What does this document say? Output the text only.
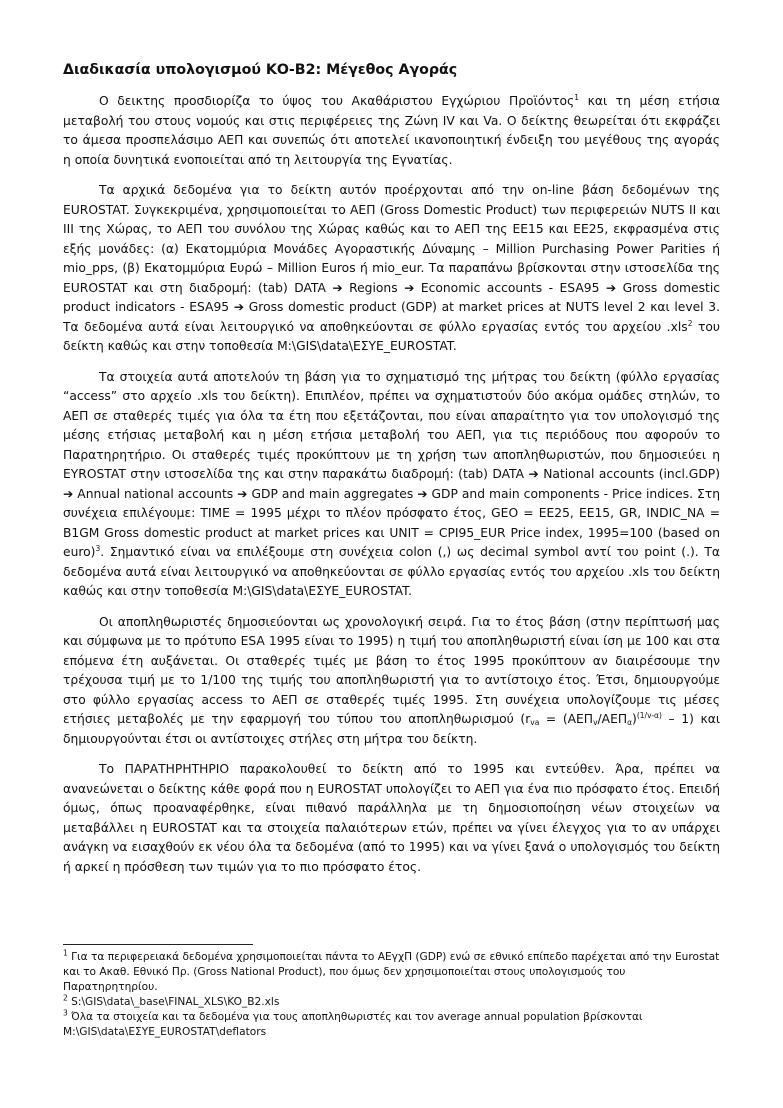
Διαδικασία υπολογισμού ΚΟ-Β2: Μέγεθος Αγοράς

Ο δεικτης προσδιορίζα το ύψος του Ακαθάριστου Εγχώριου Προϊόντος$^1$ και τη μέση ετήσια μεταβολή του στους νομούς και στις περιφέρειες της Ζώνη IV και Va. Ο δείκτης θεωρείται ότι εκφράζει το άμεσα προσπελάσιμο ΑΕΠ και συνεπώς ότι αποτελεί ικανοποιητική ένδειξη του μεγέθους της αγοράς η οποία δυνητικά ενοποιείται από τη λειτουργία της Εγνατίας.

Τα αρχικά δεδομένα για το δείκτη αυτόν προέρχονται από την on-line βάση δεδομένων της EUROSTAT. Συγκεκριμένα, χρησιμοποιείται το ΑΕΠ (Gross Domestic Product) των περιφερειών NUTS II και III της Χώρας, το ΑΕΠ του συνόλου της Χώρας καθώς και το ΑΕΠ της ΕΕ15 και ΕΕ25, εκφρασμένα στις εξής μονάδες: (α) Εκατομμύρια Μονάδες Αγοραστικής Δύναμης – Million Purchasing Power Parities ή mio_pps, (β) Εκατομμύρια Ευρώ – Million Euros ή mio_eur. Τα παραπάνω βρίσκονται στην ιστοσελίδα της EUROSTAT και στη διαδρομή: (tab) DATA ➔ Regions ➔ Economic accounts - ESA95 ➔ Gross domestic product indicators - ESA95 ➔ Gross domestic product (GDP) at market prices at NUTS level 2 και level 3. Τα δεδομένα αυτά είναι λειτουργικό να αποθηκεύονται σε φύλλο εργασίας εντός του αρχείου .xls$^2$ του δείκτη καθώς και στην τοποθεσία M:\GIS\data\ΕΣΥΕ_EUROSTAT.

Τα στοιχεία αυτά αποτελούν τη βάση για το σχηματισμό της μήτρας του δείκτη (φύλλο εργασίας “access” στο αρχείο .xls του δείκτη). Επιπλέον, πρέπει να σχηματιστούν δύο ακόμα ομάδες στηλών, το ΑΕΠ σε σταθερές τιμές για όλα τα έτη που εξετάζονται, που είναι απαραίτητο για τον υπολογισμό της μέσης ετήσιας μεταβολή και η μέση ετήσια μεταβολή του ΑΕΠ, για τις περιόδους που αφορούν το Παρατηρητήριο. Οι σταθερές τιμές προκύπτουν με τη χρήση των αποπληθωριστών, που δημοσιεύει η EYROSTAT στην ιστοσελίδα της και στην παρακάτω διαδρομή: (tab) DATA ➔ National accounts (incl.GDP) ➔ Annual national accounts ➔ GDP and main aggregates ➔ GDP and main components - Price indices. Στη συνέχεια επιλέγουμε: TIME = 1995 μέχρι το πλέον πρόσφατο έτος, GEO = EE25, EE15, GR, INDIC_NA = B1GM Gross domestic product at market prices και UNIT = CPI95_EUR Price index, 1995=100 (based on euro)$^3$. Σημαντικό είναι να επιλέξουμε στη συνέχεια colon (,) ως decimal symbol αντί του point (.). Τα δεδομένα αυτά είναι λειτουργικό να αποθηκεύονται σε φύλλο εργασίας εντός του αρχείου .xls του δείκτη καθώς και στην τοποθεσία M:\GIS\data\ΕΣΥΕ_EUROSTAT.

Οι αποπληθωριστές δημοσιεύονται ως χρονολογική σειρά. Για το έτος βάση (στην περίπτωσή μας και σύμφωνα με το πρότυπο ESA 1995 είναι το 1995) η τιμή του αποπληθωριστή είναι ίση με 100 και στα επόμενα έτη αυξάνεται. Οι σταθερές τιμές με βάση το έτος 1995 προκύπτουν αν διαιρέσουμε την τρέχουσα τιμή με το 1/100 της τιμής του αποπληθωριστή για το αντίστοιχο έτος. Έτσι, δημιουργούμε στο φύλλο εργασίας access το ΑΕΠ σε σταθερές τιμές 1995. Στη συνέχεια υπολογίζουμε τις μέσες ετήσιες μεταβολές με την εφαρμογή του τύπου του αποπληθωρισμού $(r_{va} = (AE\Pi_v/AE\Pi_\alpha)^{(1/v-\alpha)} - 1)$ και δημιουργούνται έτσι οι αντίστοιχες στήλες στη μήτρα του δείκτη.

Το ΠΑΡΑΤΗΡΗΤΗΡΙΟ παρακολουθεί το δείκτη από το 1995 και εντεύθεν. Άρα, πρέπει να ανανεώνεται ο δείκτης κάθε φορά που η EUROSTAT υπολογίζει το ΑΕΠ για ένα πιο πρόσφατο έτος. Επειδή όμως, όπως προαναφέρθηκε, είναι πιθανό παράλληλα με τη δημοσιοποίηση νέων στοιχείων να μεταβάλλει η EUROSTAT και τα στοιχεία παλαιότερων ετών, πρέπει να γίνει έλεγχος για το αν υπάρχει ανάγκη να εισαχθούν εκ νέου όλα τα δεδομένα (από το 1995) και να γίνει ξανά ο υπολογισμός του δείκτη ή αρκεί η πρόσθεση των τιμών για το πιο πρόσφατο έτος.

$^1$ Για τα περιφερειακά δεδομένα χρησιμοποιείται πάντα το ΑΕγχΠ (GDP) ενώ σε εθνικό επίπεδο παρέχεται από την Eurostat και το Ακαθ. Εθνικό Πρ. (Gross National Product), που όμως δεν χρησιμοποιείται στους υπολογισμούς του Παρατηρητηρίου.

$^2$ S:\GIS\data\_base\FINAL_XLS\KO_B2.xls

$^3$ Όλα τα στοιχεία και τα δεδομένα για τους αποπληθωριστές και τον average annual population βρίσκονται M:\GIS\data\ΕΣΥΕ_EUROSTAT\deflators
